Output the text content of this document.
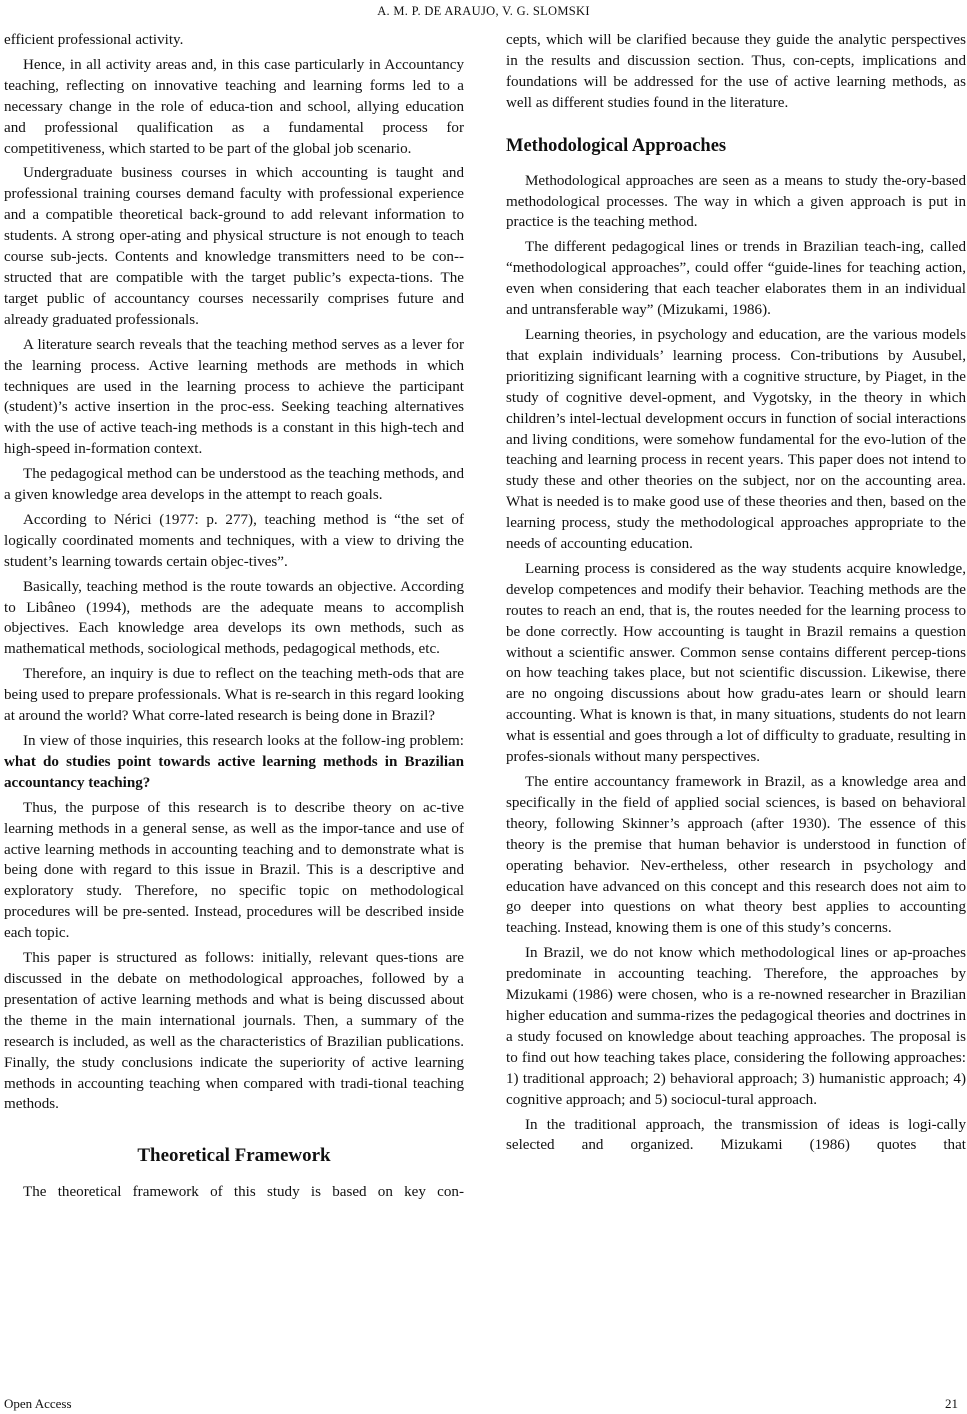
A. M. P. DE ARAUJO, V. G. SLOMSKI

efficient professional activity.

Hence, in all activity areas and, in this case particularly in Accountancy teaching, reflecting on innovative teaching and learning forms led to a necessary change in the role of educa-tion and school, allying education and professional qualification as a fundamental process for competitiveness, which started to be part of the global job scenario.

Undergraduate business courses in which accounting is taught and professional training courses demand faculty with professional experience and a compatible theoretical back-ground to add relevant information to students. A strong oper-ating and physical structure is not enough to teach course sub-jects. Contents and knowledge transmitters need to be con-structed that are compatible with the target public’s expecta-tions. The target public of accountancy courses necessarily comprises future and already graduated professionals.

A literature search reveals that the teaching method serves as a lever for the learning process. Active learning methods are methods in which techniques are used in the learning process to achieve the participant (student)’s active insertion in the proc-ess. Seeking teaching alternatives with the use of active teach-ing methods is a constant in this high-tech and high-speed in-formation context.

The pedagogical method can be understood as the teaching methods, and a given knowledge area develops in the attempt to reach goals.

According to Nérici (1977: p. 277), teaching method is “the set of logically coordinated moments and techniques, with a view to driving the student’s learning towards certain objec-tives”.

Basically, teaching method is the route towards an objective. According to Libâneo (1994), methods are the adequate means to accomplish objectives. Each knowledge area develops its own methods, such as mathematical methods, sociological methods, pedagogical methods, etc.

Therefore, an inquiry is due to reflect on the teaching meth-ods that are being used to prepare professionals. What is re-search in this regard looking at around the world? What corre-lated research is being done in Brazil?

In view of those inquiries, this research looks at the follow-ing problem: what do studies point towards active learning methods in Brazilian accountancy teaching?

Thus, the purpose of this research is to describe theory on ac-tive learning methods in a general sense, as well as the impor-tance and use of active learning methods in accounting teaching and to demonstrate what is being done with regard to this issue in Brazil. This is a descriptive and exploratory study. Therefore, no specific topic on methodological procedures will be pre-sented. Instead, procedures will be described inside each topic.

This paper is structured as follows: initially, relevant ques-tions are discussed in the debate on methodological approaches, followed by a presentation of active learning methods and what is being discussed about the theme in the main international journals. Then, a summary of the research is included, as well as the characteristics of Brazilian publications. Finally, the study conclusions indicate the superiority of active learning methods in accounting teaching when compared with tradi-tional teaching methods.

Theoretical Framework

The theoretical framework of this study is based on key con-

cepts, which will be clarified because they guide the analytic perspectives in the results and discussion section. Thus, con-cepts, implications and foundations will be addressed for the use of active learning methods, as well as different studies found in the literature.

Methodological Approaches

Methodological approaches are seen as a means to study the-ory-based methodological processes. The way in which a given approach is put in practice is the teaching method.

The different pedagogical lines or trends in Brazilian teach-ing, called “methodological approaches”, could offer “guide-lines for teaching action, even when considering that each teacher elaborates them in an individual and untransferable way” (Mizukami, 1986).

Learning theories, in psychology and education, are the various models that explain individuals’ learning process. Con-tributions by Ausubel, prioritizing significant learning with a cognitive structure, by Piaget, in the study of cognitive devel-opment, and Vygotsky, in the theory in which children’s intel-lectual development occurs in function of social interactions and living conditions, were somehow fundamental for the evo-lution of the teaching and learning process in recent years. This paper does not intend to study these and other theories on the subject, nor on the accounting area. What is needed is to make good use of these theories and then, based on the learning process, study the methodological approaches appropriate to the needs of accounting education.

Learning process is considered as the way students acquire knowledge, develop competences and modify their behavior. Teaching methods are the routes to reach an end, that is, the routes needed for the learning process to be done correctly. How accounting is taught in Brazil remains a question without a scientific answer. Common sense contains different percep-tions on how teaching takes place, but not scientific discussion. Likewise, there are no ongoing discussions about how gradu-ates learn or should learn accounting. What is known is that, in many situations, students do not learn what is essential and goes through a lot of difficulty to graduate, resulting in profes-sionals without many perspectives.

The entire accountancy framework in Brazil, as a knowledge area and specifically in the field of applied social sciences, is based on behavioral theory, following Skinner’s approach (after 1930). The essence of this theory is the premise that human behavior is understood in function of operating behavior. Nev-ertheless, other research in psychology and education have advanced on this concept and this research does not aim to go deeper into questions on what theory best applies to accounting teaching. Instead, knowing them is one of this study’s concerns.

In Brazil, we do not know which methodological lines or ap-proaches predominate in accounting teaching. Therefore, the approaches by Mizukami (1986) were chosen, who is a re-nowned researcher in Brazilian higher education and summa-rizes the pedagogical theories and doctrines in a study focused on knowledge about teaching approaches. The proposal is to find out how teaching takes place, considering the following approaches: 1) traditional approach; 2) behavioral approach; 3) humanistic approach; 4) cognitive approach; and 5) sociocul-tural approach.

In the traditional approach, the transmission of ideas is logi-cally selected and organized. Mizukami (1986) quotes that

Open Access	21
